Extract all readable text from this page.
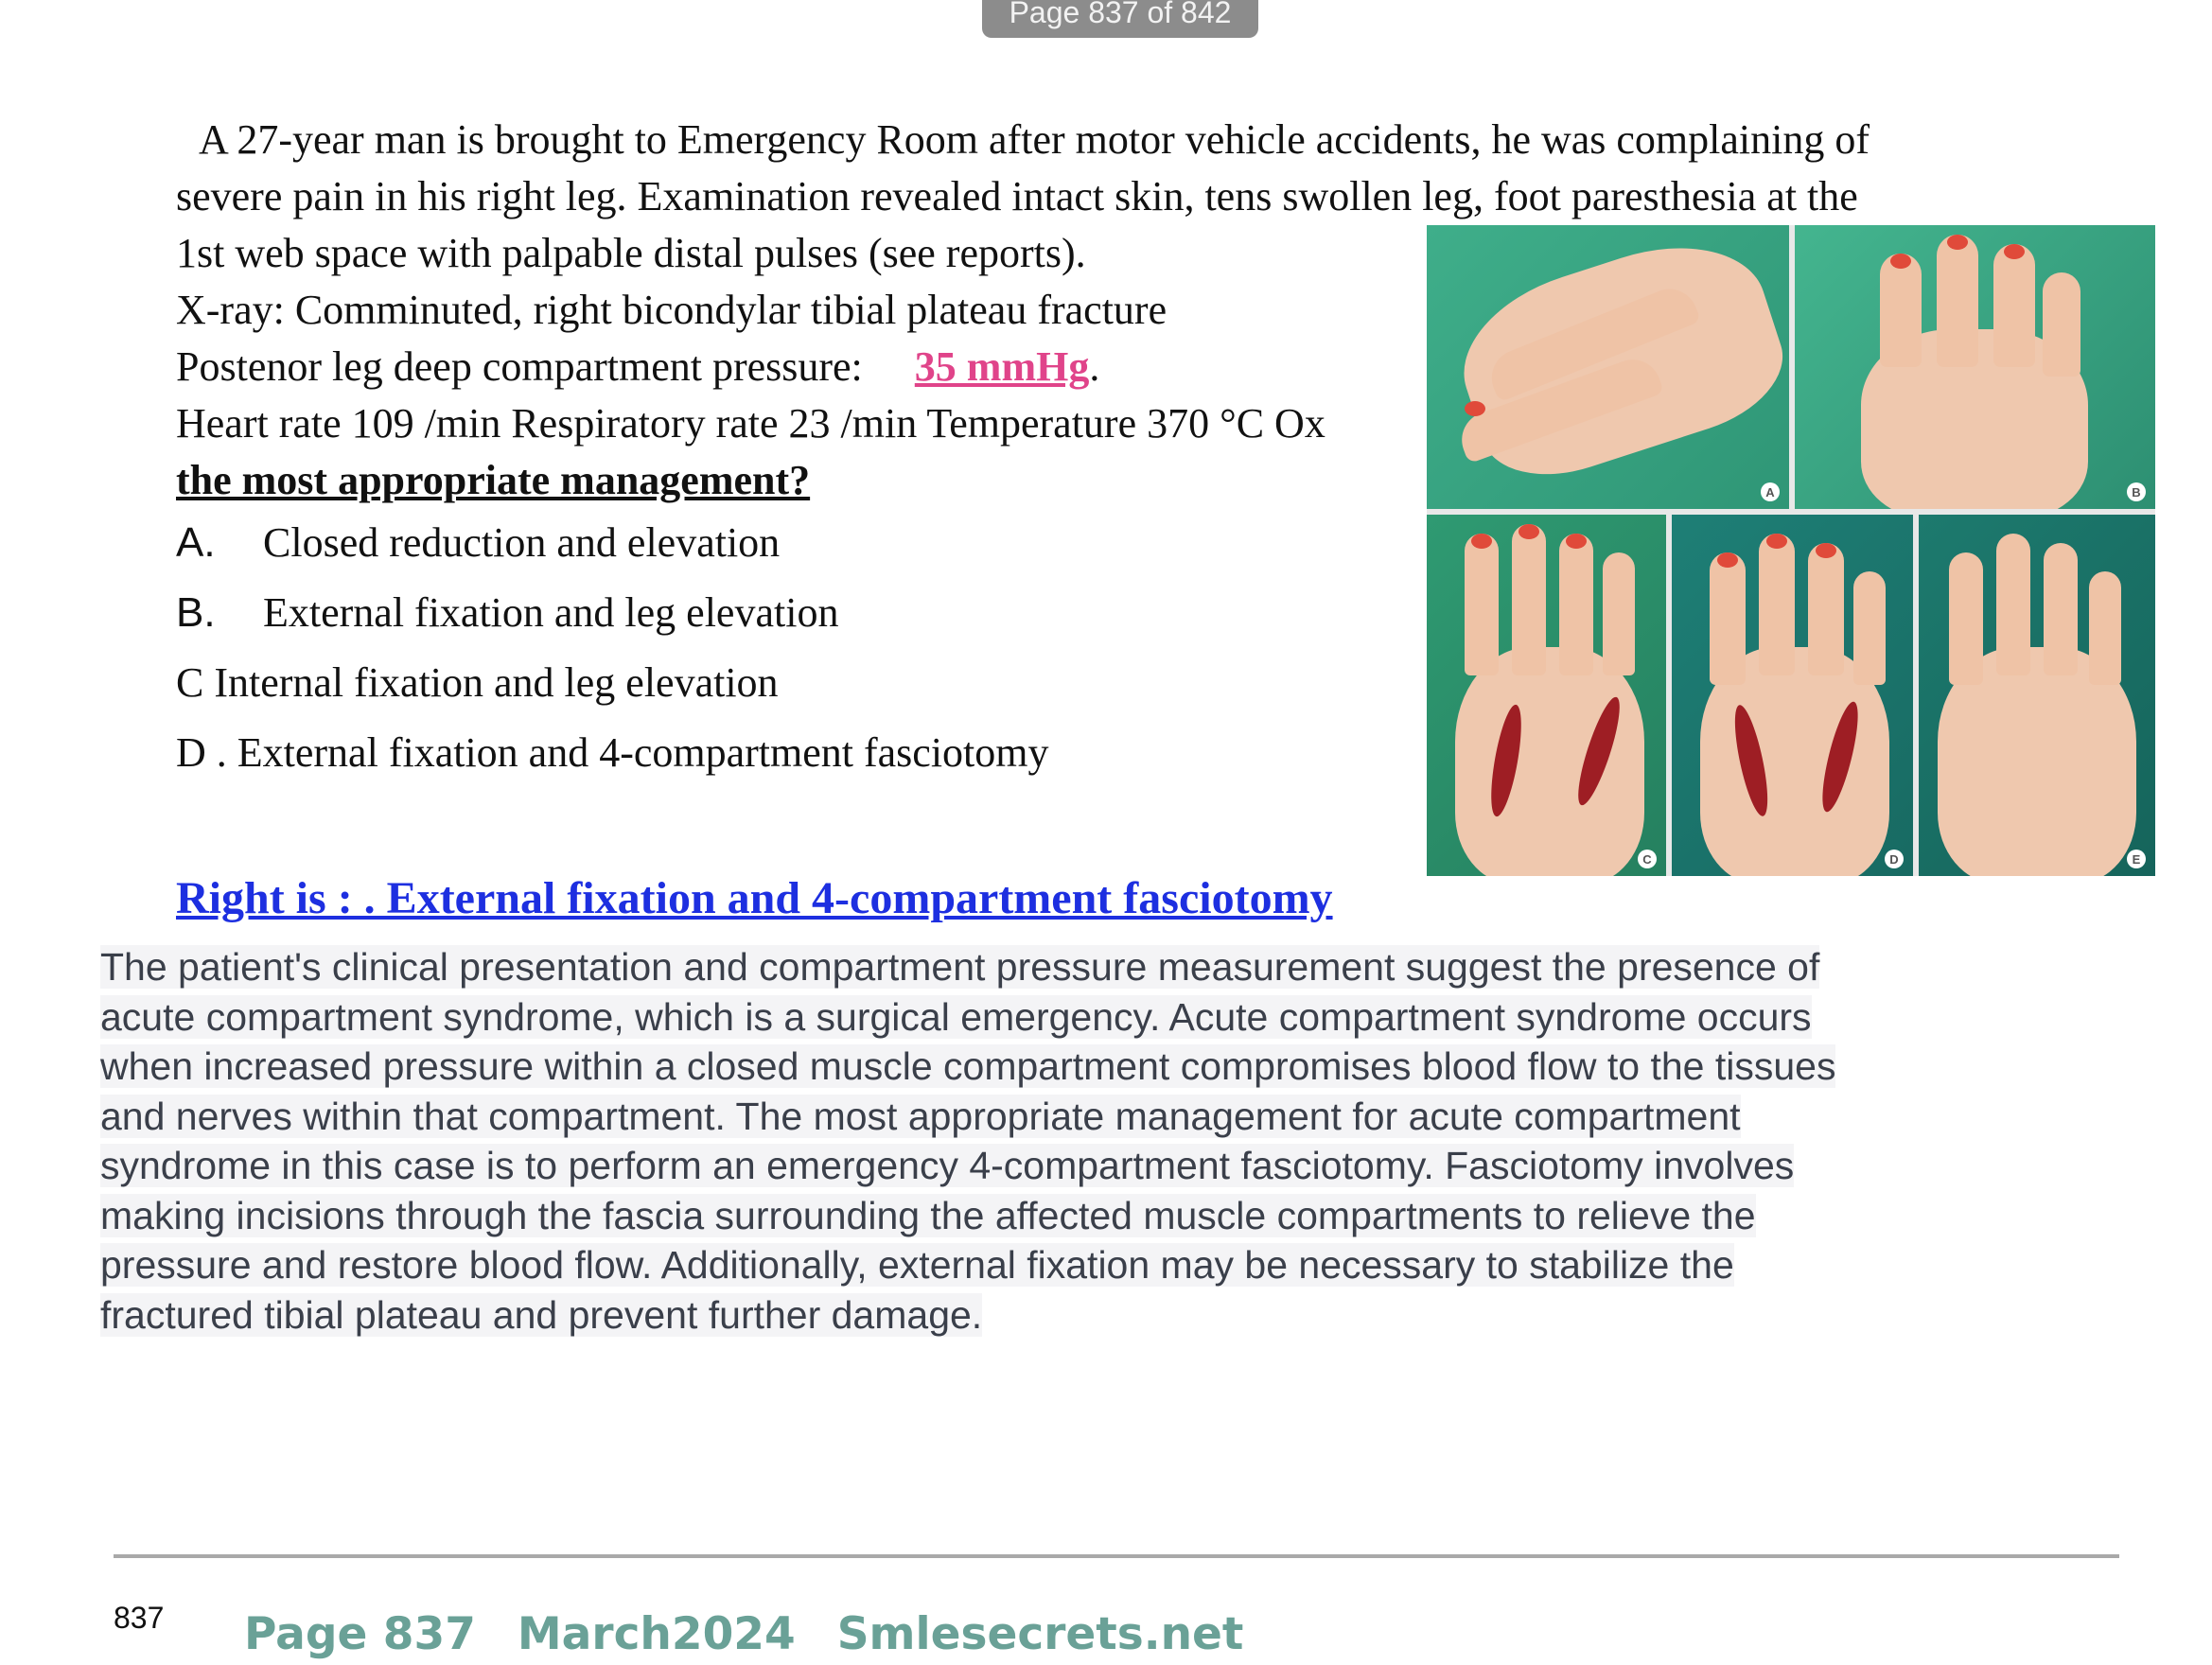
Page 837 of 842
A 27-year man is brought to Emergency Room after motor vehicle accidents, he was complaining of
severe pain in his right leg. Examination revealed intact skin, tens swollen leg, foot paresthesia at the
1st web space with palpable distal pulses (see reports).
X-ray: Comminuted, right bicondylar tibial plateau fracture
Postenor leg deep compartment pressure:     35 mmHg.
Heart rate 109 /min Respiratory rate 23 /min Temperature 370 °C Ox
the most appropriate management?
A. Closed reduction and elevation
B. External fixation and leg elevation
C Internal fixation and leg elevation
D . External fixation and 4-compartment fasciotomy
A	B
C	D	E
Right is : . External fixation and 4-compartment fasciotomy
The patient's clinical presentation and compartment pressure measurement suggest the presence of
acute compartment syndrome, which is a surgical emergency. Acute compartment syndrome occurs
when increased pressure within a closed muscle compartment compromises blood flow to the tissues
and nerves within that compartment. The most appropriate management for acute compartment
syndrome in this case is to perform an emergency 4-compartment fasciotomy. Fasciotomy involves
making incisions through the fascia surrounding the affected muscle compartments to relieve the
pressure and restore blood flow. Additionally, external fixation may be necessary to stabilize the
fractured tibial plateau and prevent further damage.
837 Page 837 March2024 Smlesecrets.net
